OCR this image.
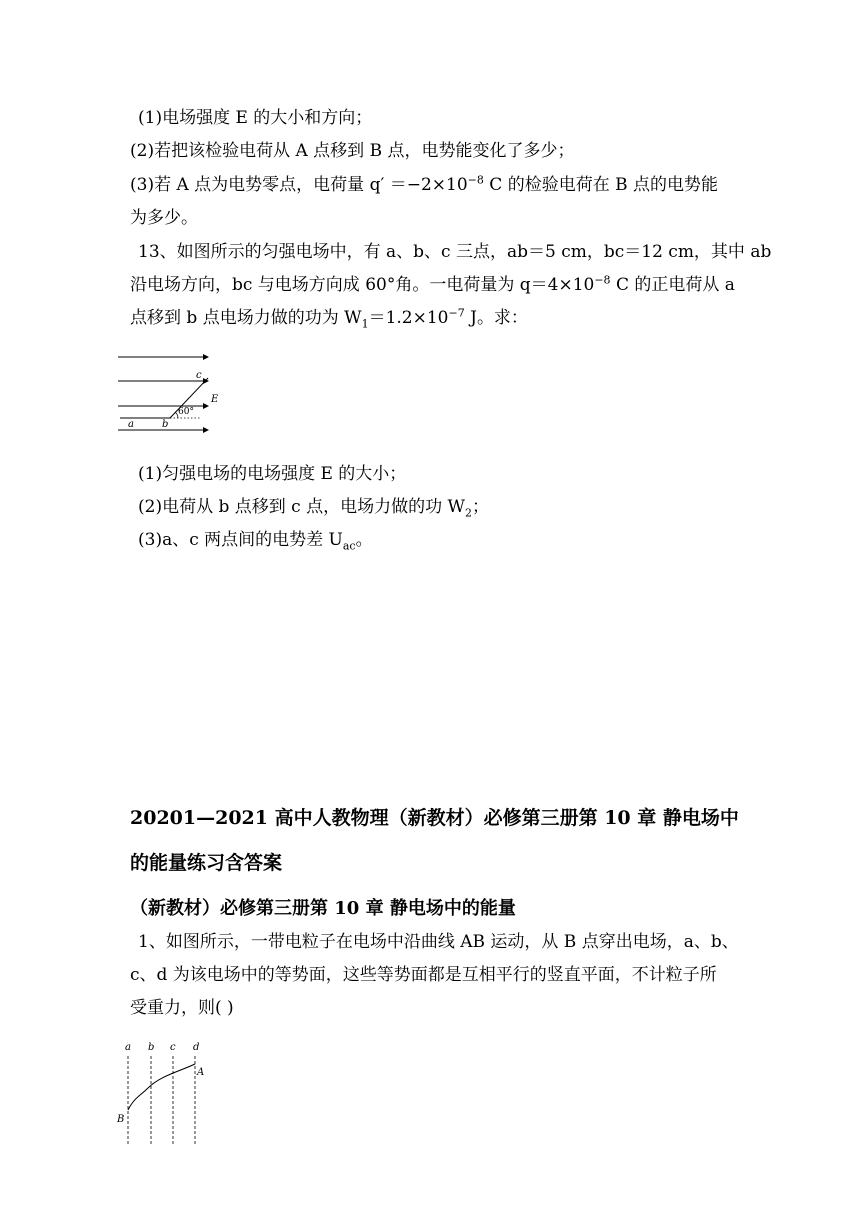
(1)电场强度 E 的大小和方向；
(2)若把该检验电荷从 A 点移到 B 点，电势能变化了多少；
(3)若 A 点为电势零点，电荷量 $q' =-2\times 10^{-8}$ C 的检验电荷在 B 点的电势能
为多少。
13、如图所示的匀强电场中，有 a、b、c 三点，ab＝5 cm，bc＝12 cm，其中 ab
沿电场方向，bc 与电场方向成 60°角。一电荷量为 $q=4\times 10^{-8}$ C 的正电荷从 a
点移到 b 点电场力做的功为 $W_1=1.2\times 10^{-7}$ J。求：
c
E
60°
a	b
(1)匀强电场的电场强度 E 的大小；
(2)电荷从 b 点移到 c 点，电场力做的功 $W_2$；
(3)a、c 两点间的电势差 $U_{ac}$。
20201—2021 高中人教物理（新教材）必修第三册第 10 章 静电场中
的能量练习含答案
（新教材）必修第三册第 10 章 静电场中的能量
1、如图所示，一带电粒子在电场中沿曲线 AB 运动，从 B 点穿出电场，a、b、
c、d 为该电场中的等势面，这些等势面都是互相平行的竖直平面，不计粒子所
受重力，则( )
a b c d
A
B
